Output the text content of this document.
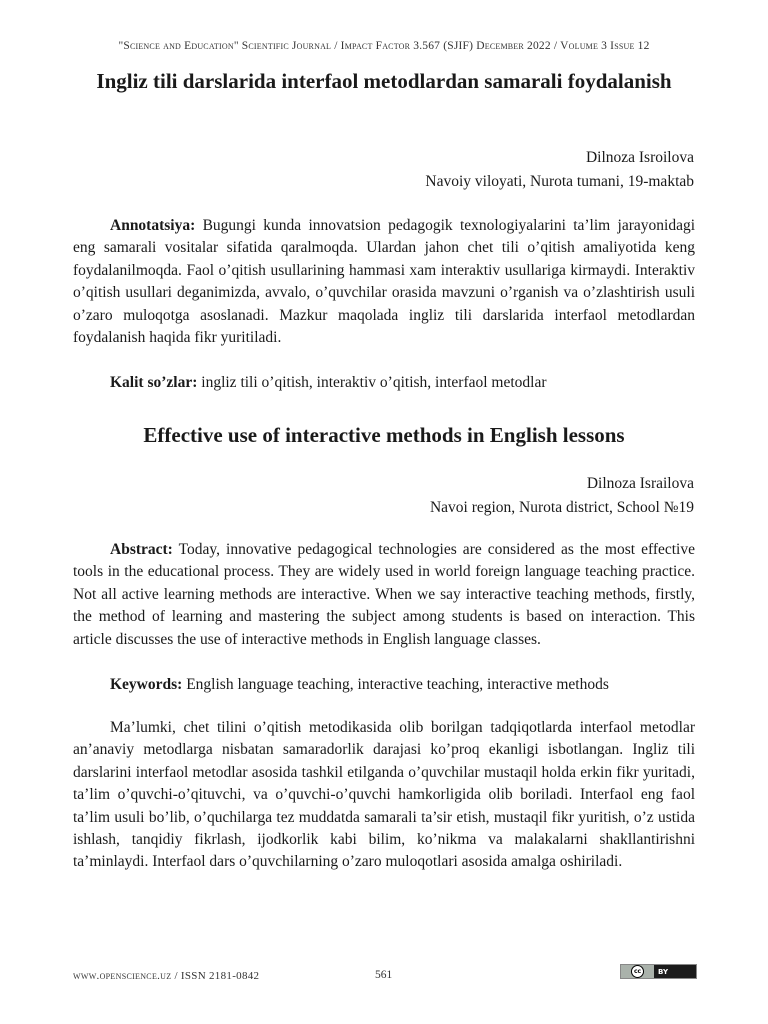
"Science and Education" Scientific Journal / Impact Factor 3.567 (SJIF) December 2022 / Volume 3 Issue 12
Ingliz tili darslarida interfaol metodlardan samarali foydalanish
Dilnoza Isroilova
Navoiy viloyati, Nurota tumani, 19-maktab

Annotatsiya: Bugungi kunda innovatsion pedagogik texnologiyalarini ta’lim jarayonidagi eng samarali vositalar sifatida qaralmoqda. Ulardan jahon chet tili o’qitish amaliyotida keng foydalanilmoqda. Faol o’qitish usullarining hammasi xam interaktiv usullariga kirmaydi. Interaktiv o’qitish usullari deganimizda, avvalo, o’quvchilar orasida mavzuni o’rganish va o’zlashtirish usuli o’zaro muloqotga asoslanadi. Mazkur maqolada ingliz tili darslarida interfaol metodlardan foydalanish haqida fikr yuritiladi.

Kalit so’zlar: ingliz tili o’qitish, interaktiv o’qitish, interfaol metodlar

Effective use of interactive methods in English lessons
Dilnoza Israilova
Navoi region, Nurota district, School №19

Abstract: Today, innovative pedagogical technologies are considered as the most effective tools in the educational process. They are widely used in world foreign language teaching practice. Not all active learning methods are interactive. When we say interactive teaching methods, firstly, the method of learning and mastering the subject among students is based on interaction. This article discusses the use of interactive methods in English language classes.

Keywords: English language teaching, interactive teaching, interactive methods

Ma’lumki, chet tilini o’qitish metodikasida olib borilgan tadqiqotlarda interfaol metodlar an’anaviy metodlarga nisbatan samaradorlik darajasi ko’proq ekanligi isbotlangan. Ingliz tili darslarini interfaol metodlar asosida tashkil etilganda o’quvchilar mustaqil holda erkin fikr yuritadi, ta’lim o’quvchi-o’qituvchi, va o’quvchi-o’quvchi hamkorligida olib boriladi. Interfaol eng faol ta’lim usuli bo’lib, o’quchilarga tez muddatda samarali ta’sir etish, mustaqil fikr yuritish, o’z ustida ishlash, tanqidiy fikrlash, ijodkorlik kabi bilim, ko’nikma va malakalarni shakllantirishni ta’minlaydi. Interfaol dars o’quvchilarning o’zaro muloqotlari asosida amalga oshiriladi.

www.openscience.uz / ISSN 2181-0842	561	cc	BY
